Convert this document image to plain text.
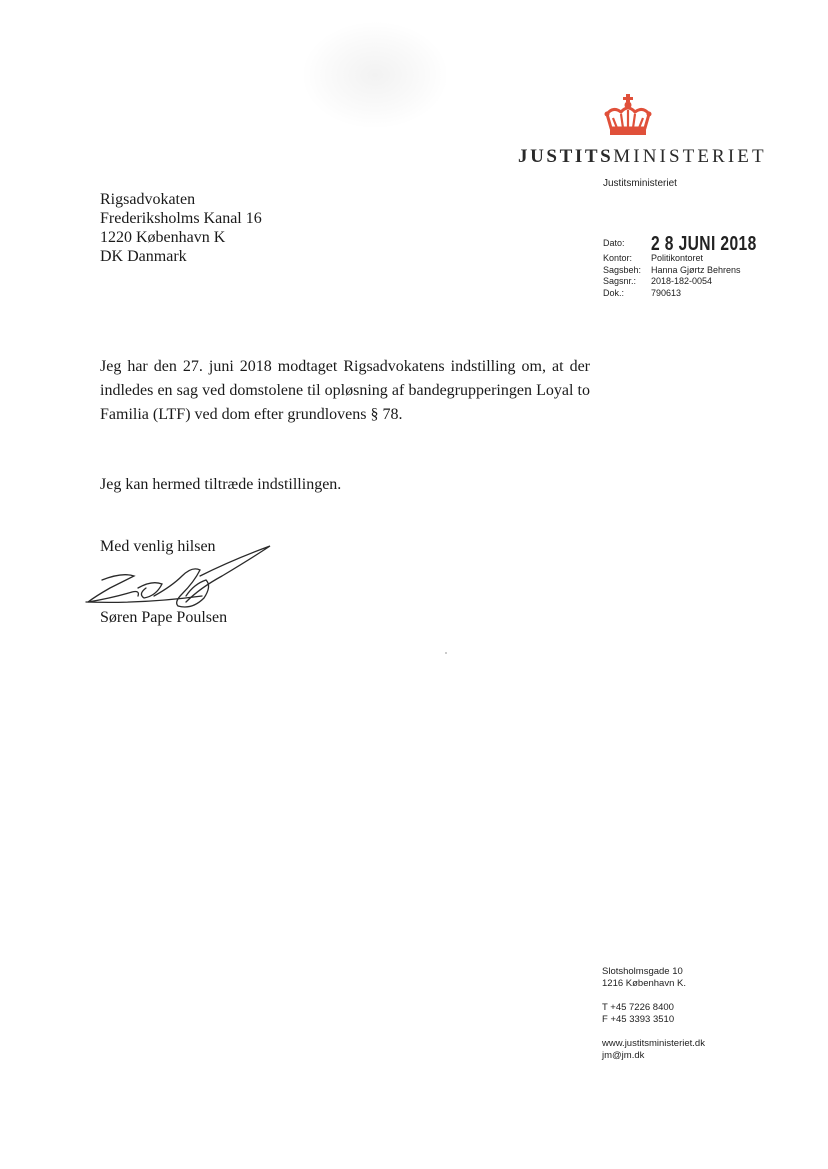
JUSTITSMINISTERIET
Justitsministeriet
Rigsadvokaten
Frederiksholms Kanal 16
1220 København K
DK Danmark
Dato:	2 8 JUNI 2018
Kontor:	Politikontoret
Sagsbeh:	Hanna Gjørtz Behrens
Sagsnr.:	2018-182-0054
Dok.:	790613
Jeg har den 27. juni 2018 modtaget Rigsadvokatens indstilling om, at der indledes en sag ved domstolene til opløsning af bandegrupperingen Loyal to Familia (LTF) ved dom efter grundlovens § 78.
Jeg kan hermed tiltræde indstillingen.
Med venlig hilsen
Søren Pape Poulsen
Slotsholmsgade 10
1216 København K.
T +45 7226 8400
F +45 3393 3510
www.justitsministeriet.dk
jm@jm.dk
